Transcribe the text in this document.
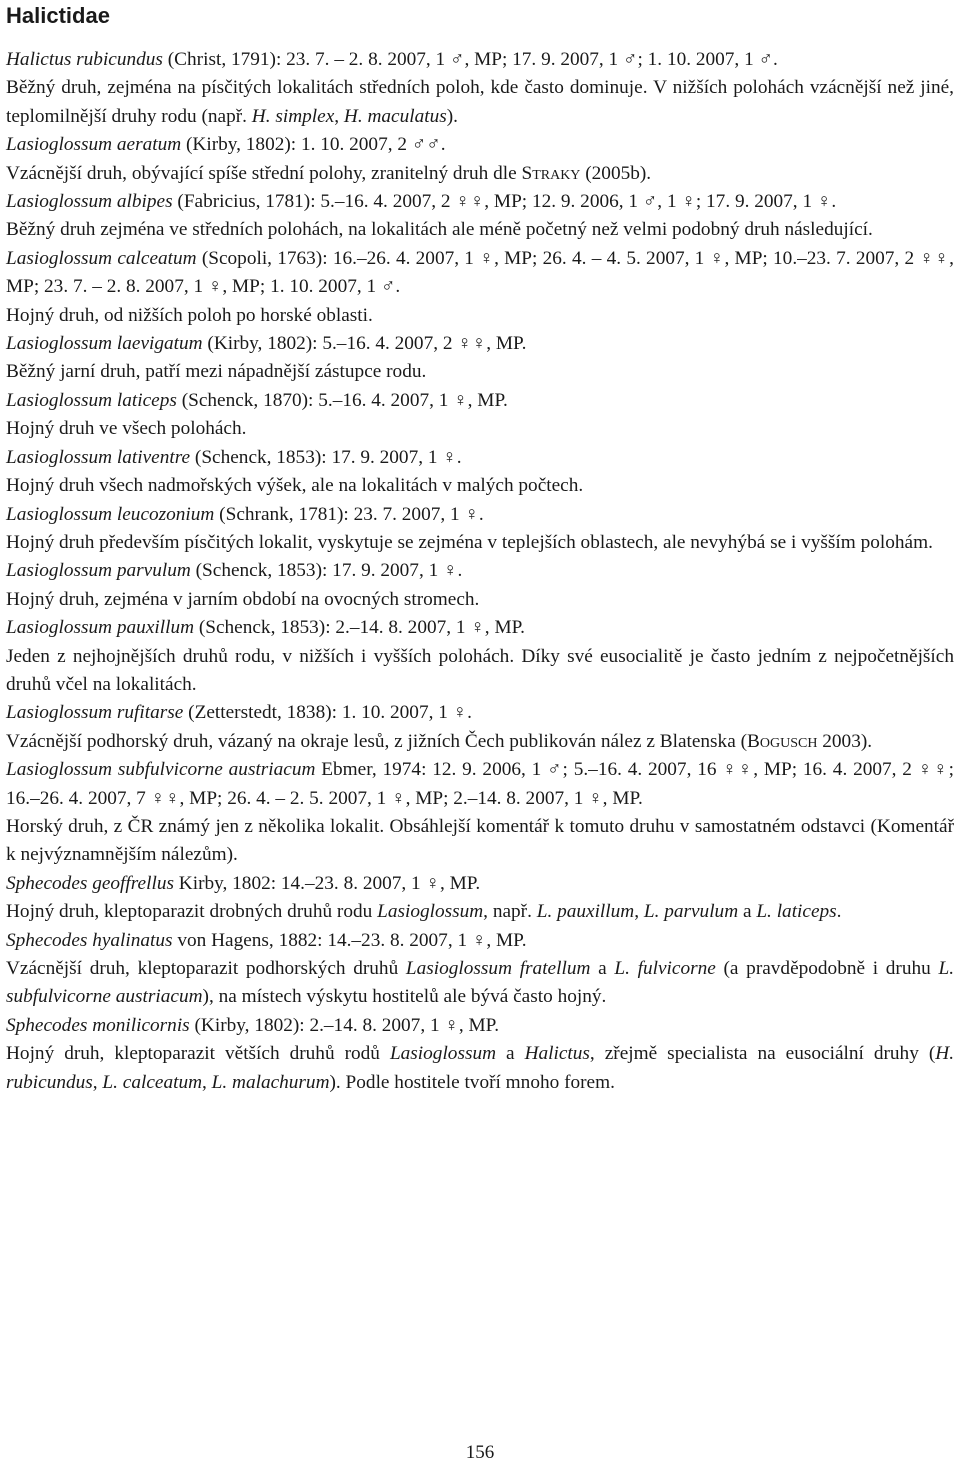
Halictidae

Halictus rubicundus (Christ, 1791): 23. 7. – 2. 8. 2007, 1 ♂, MP; 17. 9. 2007, 1 ♂; 1. 10. 2007, 1 ♂.

Běžný druh, zejména na písčitých lokalitách středních poloh, kde často dominuje. V nižších polohách vzácnější než jiné, teplomilnější druhy rodu (např. H. simplex, H. maculatus).

Lasioglossum aeratum (Kirby, 1802): 1. 10. 2007, 2 ♂♂.

Vzácnější druh, obývající spíše střední polohy, zranitelný druh dle Straky (2005b).

Lasioglossum albipes (Fabricius, 1781): 5.–16. 4. 2007, 2 ♀♀, MP; 12. 9. 2006, 1 ♂, 1 ♀; 17. 9. 2007, 1 ♀.

Běžný druh zejména ve středních polohách, na lokalitách ale méně početný než velmi podobný druh následující.

Lasioglossum calceatum (Scopoli, 1763): 16.–26. 4. 2007, 1 ♀, MP; 26. 4. – 4. 5. 2007, 1 ♀, MP; 10.–23. 7. 2007, 2 ♀♀, MP; 23. 7. – 2. 8. 2007, 1 ♀, MP; 1. 10. 2007, 1 ♂.

Hojný druh, od nižších poloh po horské oblasti.

Lasioglossum laevigatum (Kirby, 1802): 5.–16. 4. 2007, 2 ♀♀, MP.

Běžný jarní druh, patří mezi nápadnější zástupce rodu.

Lasioglossum laticeps (Schenck, 1870): 5.–16. 4. 2007, 1 ♀, MP.

Hojný druh ve všech polohách.

Lasioglossum lativentre (Schenck, 1853): 17. 9. 2007, 1 ♀.

Hojný druh všech nadmořských výšek, ale na lokalitách v malých počtech.

Lasioglossum leucozonium (Schrank, 1781): 23. 7. 2007, 1 ♀.

Hojný druh především písčitých lokalit, vyskytuje se zejména v teplejších oblastech, ale nevyhýbá se i vyšším polohám.

Lasioglossum parvulum (Schenck, 1853): 17. 9. 2007, 1 ♀.

Hojný druh, zejména v jarním období na ovocných stromech.

Lasioglossum pauxillum (Schenck, 1853): 2.–14. 8. 2007, 1 ♀, MP.

Jeden z nejhojnějších druhů rodu, v nižších i vyšších polohách. Díky své eusocialitě je často jedním z nejpočetnějších druhů včel na lokalitách.

Lasioglossum rufitarse (Zetterstedt, 1838): 1. 10. 2007, 1 ♀.

Vzácnější podhorský druh, vázaný na okraje lesů, z jižních Čech publikován nález z Blatenska (Bogusch 2003).

Lasioglossum subfulvicorne austriacum Ebmer, 1974: 12. 9. 2006, 1 ♂; 5.–16. 4. 2007, 16 ♀♀, MP; 16. 4. 2007, 2 ♀♀; 16.–26. 4. 2007, 7 ♀♀, MP; 26. 4. – 2. 5. 2007, 1 ♀, MP; 2.–14. 8. 2007, 1 ♀, MP.

Horský druh, z ČR známý jen z několika lokalit. Obsáhlejší komentář k tomuto druhu v samostatném odstavci (Komentář k nejvýznamnějším nálezům).

Sphecodes geoffrellus Kirby, 1802: 14.–23. 8. 2007, 1 ♀, MP.

Hojný druh, kleptoparazit drobných druhů rodu Lasioglossum, např. L. pauxillum, L. parvulum a L. laticeps.

Sphecodes hyalinatus von Hagens, 1882: 14.–23. 8. 2007, 1 ♀, MP.

Vzácnější druh, kleptoparazit podhorských druhů Lasioglossum fratellum a L. fulvicorne (a pravděpodobně i druhu L. subfulvicorne austriacum), na místech výskytu hostitelů ale bývá často hojný.

Sphecodes monilicornis (Kirby, 1802): 2.–14. 8. 2007, 1 ♀, MP.

Hojný druh, kleptoparazit větších druhů rodů Lasioglossum a Halictus, zřejmě specialista na eusociální druhy (H. rubicundus, L. calceatum, L. malachurum). Podle hostitele tvoří mnoho forem.

156
